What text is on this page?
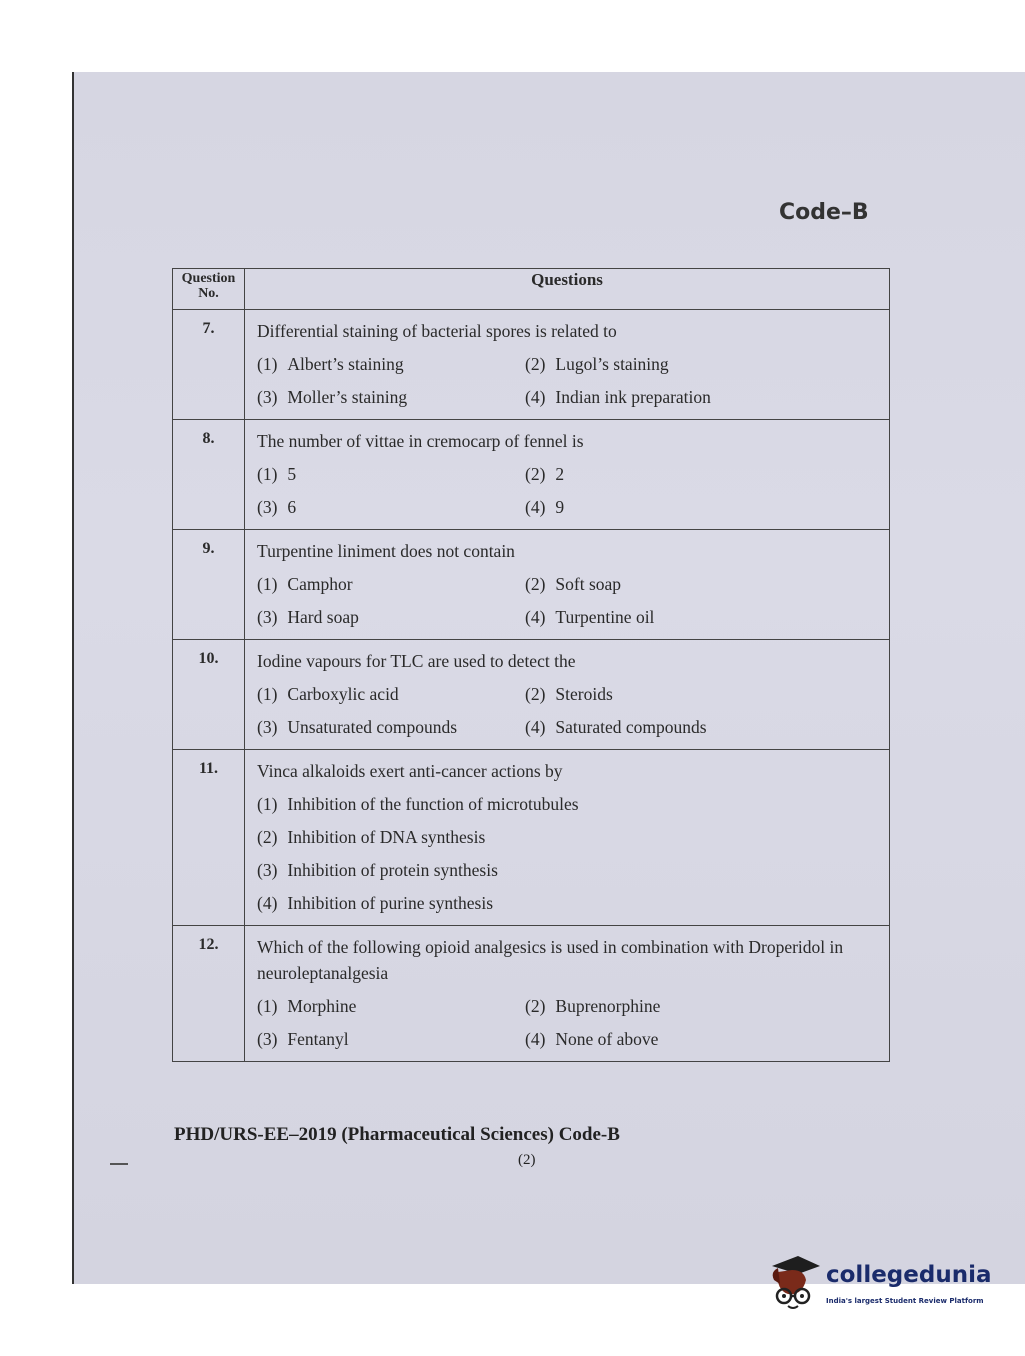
Code–B
Question No.	Questions
7.	Differential staining of bacterial spores is related to
(1) Albert’s staining (2) Lugol’s staining
(3) Moller’s staining (4) Indian ink preparation

8.	The number of vittae in cremocarp of fennel is
(1) 5 (2) 2
(3) 6 (4) 9

9.	Turpentine liniment does not contain
(1) Camphor (2) Soft soap
(3) Hard soap (4) Turpentine oil

10.	Iodine vapours for TLC are used to detect the
(1) Carboxylic acid (2) Steroids
(3) Unsaturated compounds (4) Saturated compounds

11.	Vinca alkaloids exert anti-cancer actions by
(1) Inhibition of the function of microtubules
(2) Inhibition of DNA synthesis
(3) Inhibition of protein synthesis
(4) Inhibition of purine synthesis

12.	Which of the following opioid analgesics is used in combination with Droperidol in neuroleptanalgesia
(1) Morphine (2) Buprenorphine
(3) Fentanyl (4) None of above
PHD/URS-EE–2019 (Pharmaceutical Sciences) Code-B
(2)
collegedunia
India's largest Student Review Platform
